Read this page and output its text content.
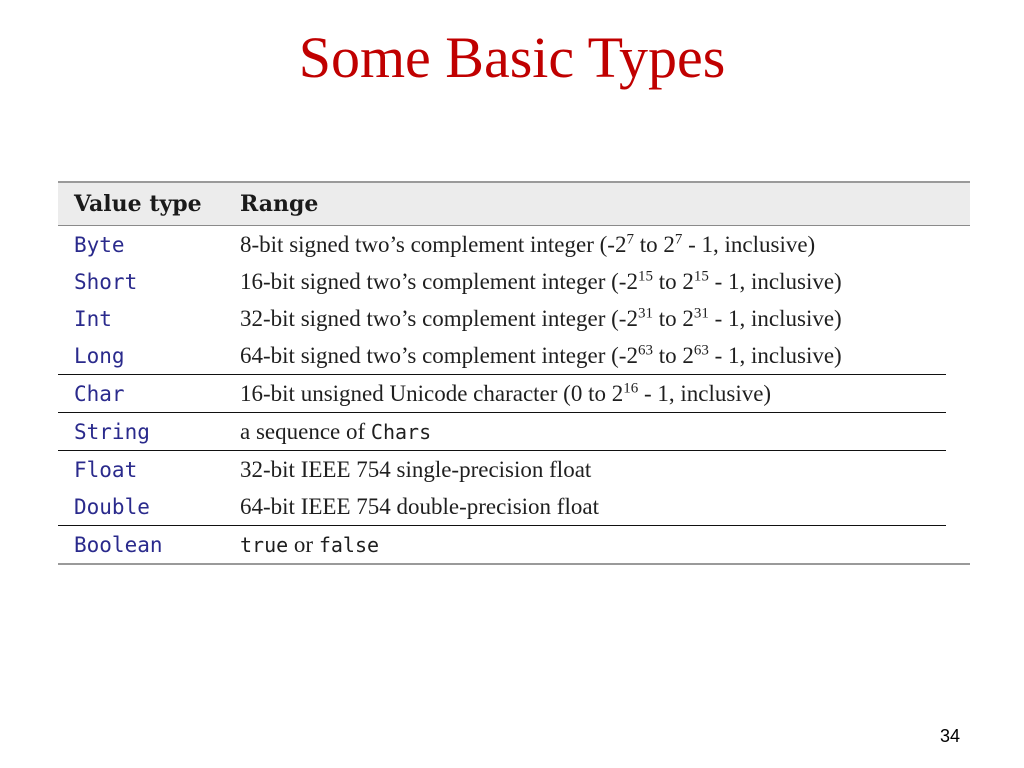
Some Basic Types
Value type	Range
Byte	8-bit signed two’s complement integer ($-2^7$ to $2^7 - 1$, inclusive)
Short	16-bit signed two’s complement integer ($-2^{15}$ to $2^{15} - 1$, inclusive)
Int	32-bit signed two’s complement integer ($-2^{31}$ to $2^{31} - 1$, inclusive)
Long	64-bit signed two’s complement integer ($-2^{63}$ to $2^{63} - 1$, inclusive)
Char	16-bit unsigned Unicode character (0 to $2^{16} - 1$, inclusive)
String	a sequence of Chars
Float	32-bit IEEE 754 single-precision float
Double	64-bit IEEE 754 double-precision float
Boolean	true or false
34
